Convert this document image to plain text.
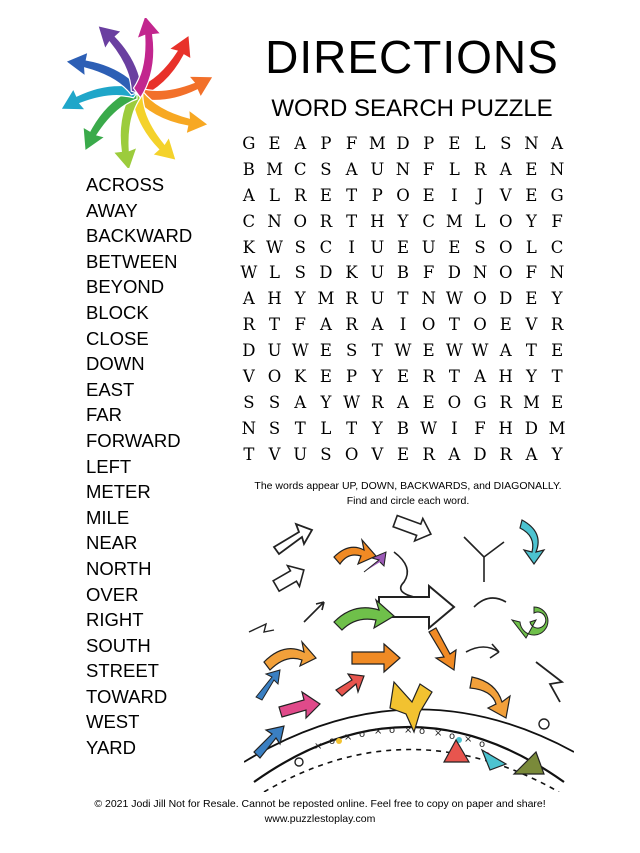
DIRECTIONS
WORD SEARCH PUZZLE
ACROSS
AWAY
BACKWARD
BETWEEN
BEYOND
BLOCK
CLOSE
DOWN
EAST
FAR
FORWARD
LEFT
METER
MILE
NEAR
NORTH
OVER
RIGHT
SOUTH
STREET
TOWARD
WEST
YARD
G E A P F M D P E L S N A
B M C S A U N F L R A E N
A L R E T P O E I	J V E G
C N O R T H Y C M L O Y F
K W S C I U E U E S O L C
W L S D K U B F D N O F N
A H Y M R U T N W O D E Y
R T F A R A I O T O E V R
D U W E S T W E W W A T E
V O K E P Y E R T A H Y T
S S A Y W R A E O G R M E
N S T L T Y B W I	F H D M
T V U S O V E R A D R A Y
The words appear UP, DOWN, BACKWARDS, and DIAGONALLY.
Find and circle each word.
× o × o × o × o × o × o
© 2021 Jodi Jill Not for Resale. Cannot be reposted online. Feel free to copy on paper and share!
www.puzzlestoplay.com
